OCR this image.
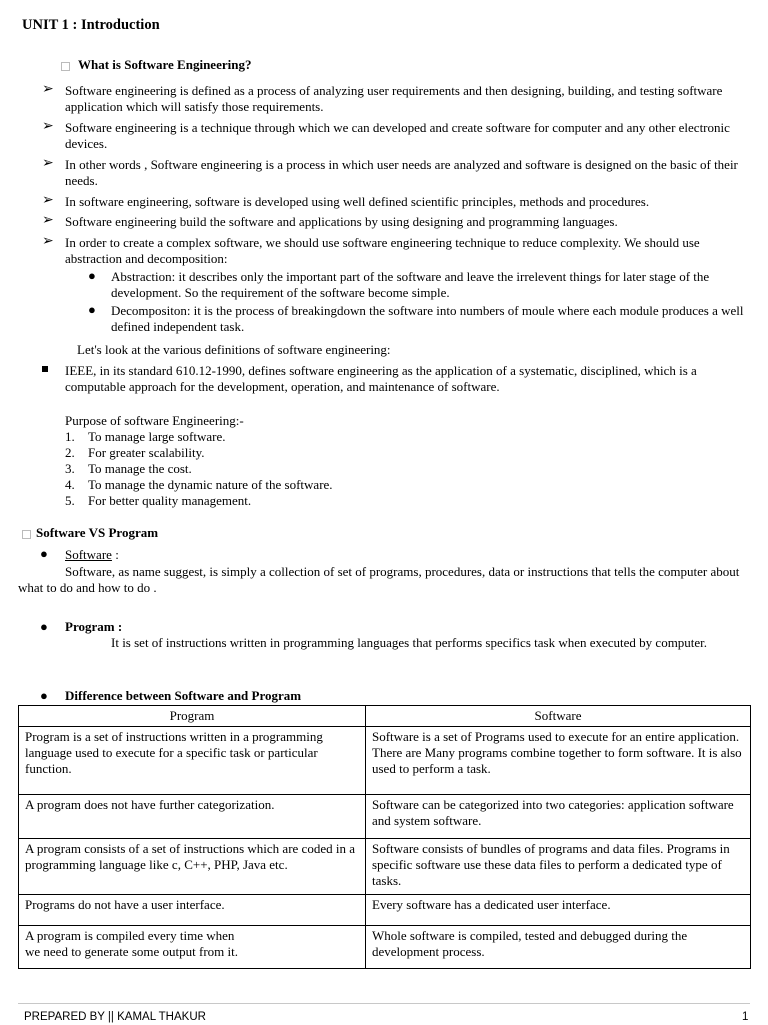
UNIT 1 : Introduction
What is Software Engineering?
➢ Software engineering is defined as a process of analyzing user requirements and then designing, building, and testing software application which will satisfy those requirements.
➢ Software engineering is a technique through which we can developed and create software for computer and any other electronic devices.
➢ In other words , Software engineering is a process in which user needs are analyzed and software is designed on the basic of their needs.
➢ In software engineering, software is developed using well defined scientific principles, methods and procedures.
➢ Software engineering build the software and applications by using designing and programming languages.
➢ In order to create a complex software, we should use software engineering technique to reduce complexity. We should use abstraction and decomposition:
● Abstraction: it describes only the important part of the software and leave the irrelevent things for later stage of the development. So the requirement of the software become simple.
● Decompositon: it is the process of breakingdown the software into numbers of moule where each module produces a well defined independent task.
Let's look at the various definitions of software engineering:
IEEE, in its standard 610.12-1990, defines software engineering as the application of a systematic, disciplined, which is a computable approach for the development, operation, and maintenance of software.
Purpose of software Engineering:-
1.	To manage large software.
2.	For greater scalability.
3.	To manage the cost.
4.	To manage the dynamic nature of the software.
5.	For better quality management.
Software VS Program
● Software :
Software, as name suggest, is simply a collection of set of programs, procedures, data or instructions that tells the computer about what to do and how to do .
● Program :
It is set of instructions written in programming languages that performs specifics task when executed by computer.
● Difference between Software and Program
Program	Software
Program is a set of instructions written in a programming language used to execute for a specific task or particular function.	Software is a set of Programs used to execute for an entire application. There are Many programs combine together to form software. It is also used to perform a task.
A program does not have further categorization.	Software can be categorized into two categories: application software and system software.
A program consists of a set of instructions which are coded in a programming language like c, C++, PHP, Java etc.	Software consists of bundles of programs and data files. Programs in specific software use these data files to perform a dedicated type of tasks.
Programs do not have a user interface.	Every software has a dedicated user interface.
A program is compiled every time when
we need to generate some output from it.	Whole software is compiled, tested and debugged during the development process.
PREPARED BY || KAMAL THAKUR	1
